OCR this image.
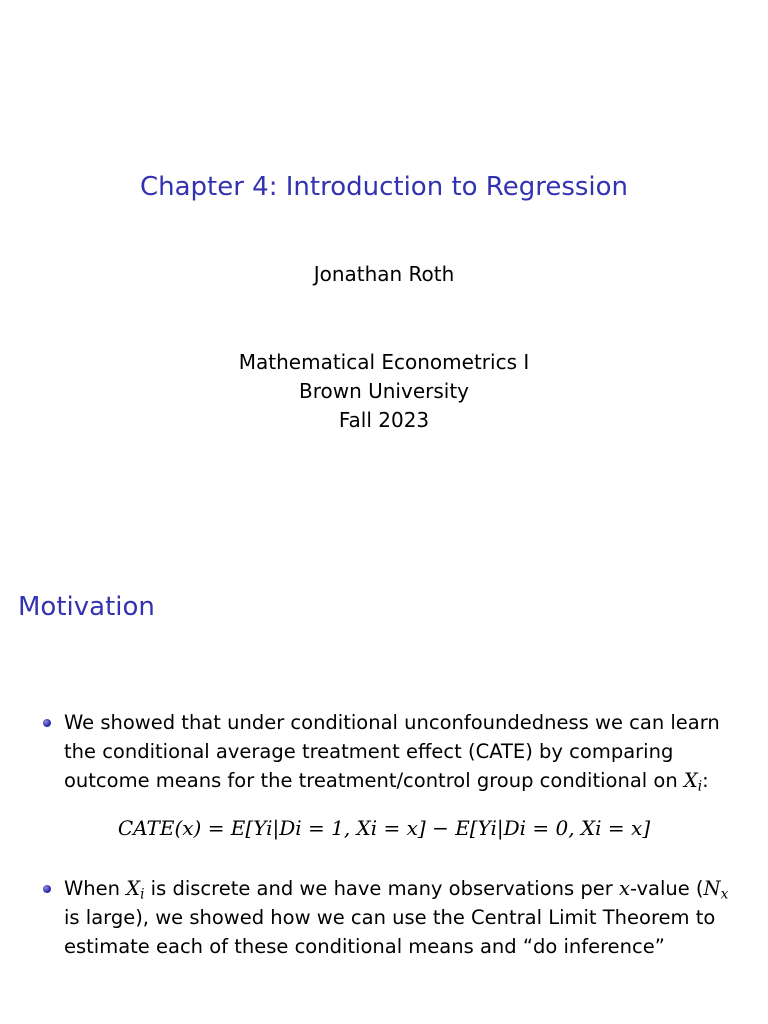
Chapter 4: Introduction to Regression
Jonathan Roth
Mathematical Econometrics I
Brown University
Fall 2023
Motivation
We showed that under conditional unconfoundedness we can learn the conditional average treatment effect (CATE) by comparing outcome means for the treatment/control group conditional on $X_i$:
CATE(x) = E[Yi|Di = 1, Xi = x] − E[Yi|Di = 0, Xi = x]
When $X_i$ is discrete and we have many observations per x-value ($N_x$ is large), we showed how we can use the Central Limit Theorem to estimate each of these conditional means and “do inference”
